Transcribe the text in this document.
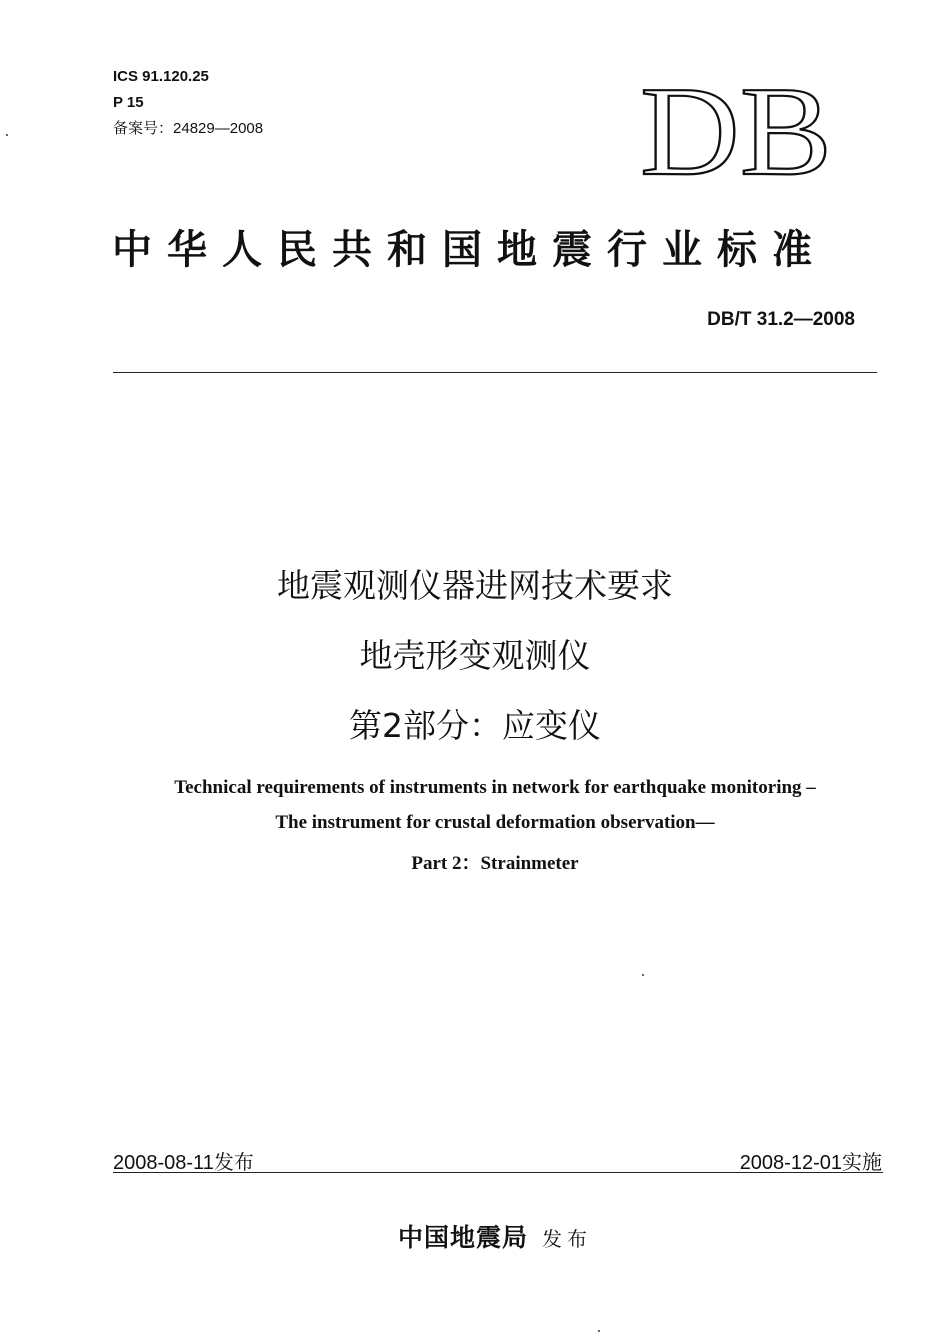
ICS 91.120.25
P 15
备案号：24829—2008	DB
中华人民共和国地震行业标准
DB/T 31.2—2008
地震观测仪器进网技术要求
地壳形变观测仪
第2部分：应变仪
Technical requirements of instruments in network for earthquake monitoring –
The instrument for crustal deformation observation—
Part 2：Strainmeter
2008-08-11发布	2008-12-01实施
中国地震局 发布
